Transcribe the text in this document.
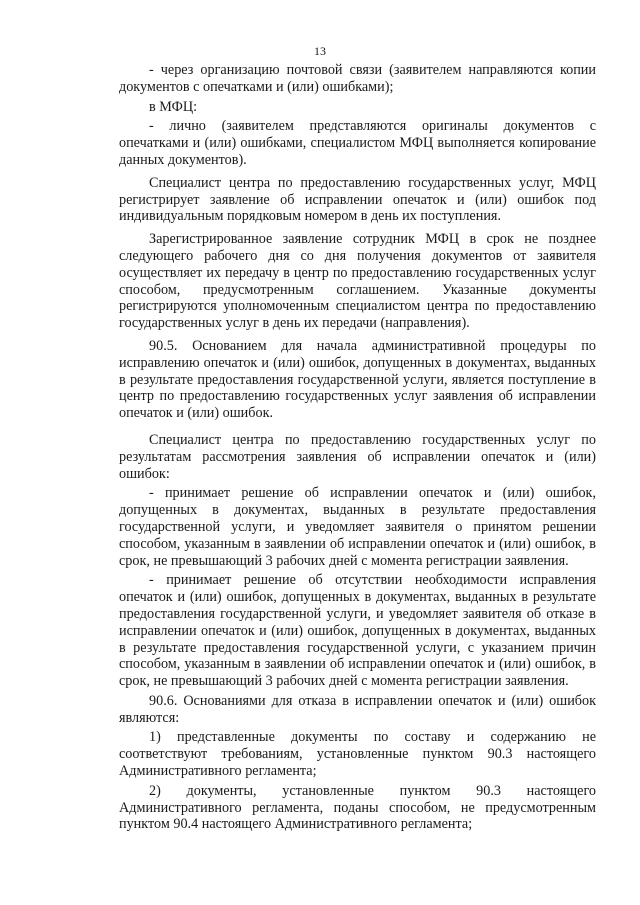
13

- через организацию почтовой связи (заявителем направляются копии документов с опечатками и (или) ошибками);

в МФЦ:

- лично (заявителем представляются оригиналы документов с опечатками и (или) ошибками, специалистом МФЦ выполняется копирование данных документов).

Специалист центра по предоставлению государственных услуг, МФЦ регистрирует заявление об исправлении опечаток и (или) ошибок под индивидуальным порядковым номером в день их поступления.

Зарегистрированное заявление сотрудник МФЦ в срок не позднее следующего рабочего дня со дня получения документов от заявителя осуществляет их передачу в центр по предоставлению государственных услуг способом, предусмотренным соглашением. Указанные документы регистрируются уполномоченным специалистом центра по предоставлению государственных услуг в день их передачи (направления).

90.5. Основанием для начала административной процедуры по исправлению опечаток и (или) ошибок, допущенных в документах, выданных в результате предоставления государственной услуги, является поступление в центр по предоставлению государственных услуг заявления об исправлении опечаток и (или) ошибок.

Специалист центра по предоставлению государственных услуг по результатам рассмотрения заявления об исправлении опечаток и (или) ошибок:

- принимает решение об исправлении опечаток и (или) ошибок, допущенных в документах, выданных в результате предоставления государственной услуги, и уведомляет заявителя о принятом решении способом, указанным в заявлении об исправлении опечаток и (или) ошибок, в срок, не превышающий 3 рабочих дней с момента регистрации заявления.

- принимает решение об отсутствии необходимости исправления опечаток и (или) ошибок, допущенных в документах, выданных в результате предоставления государственной услуги, и уведомляет заявителя об отказе в исправлении опечаток и (или) ошибок, допущенных в документах, выданных в результате предоставления государственной услуги, с указанием причин способом, указанным в заявлении об исправлении опечаток и (или) ошибок, в срок, не превышающий 3 рабочих дней с момента регистрации заявления.

90.6. Основаниями для отказа в исправлении опечаток и (или) ошибок являются:

1) представленные документы по составу и содержанию не соответствуют требованиям, установленные пунктом 90.3 настоящего Административного регламента;

2) документы, установленные пунктом 90.3 настоящего Административного регламента, поданы способом, не предусмотренным пунктом 90.4 настоящего Административного регламента;
